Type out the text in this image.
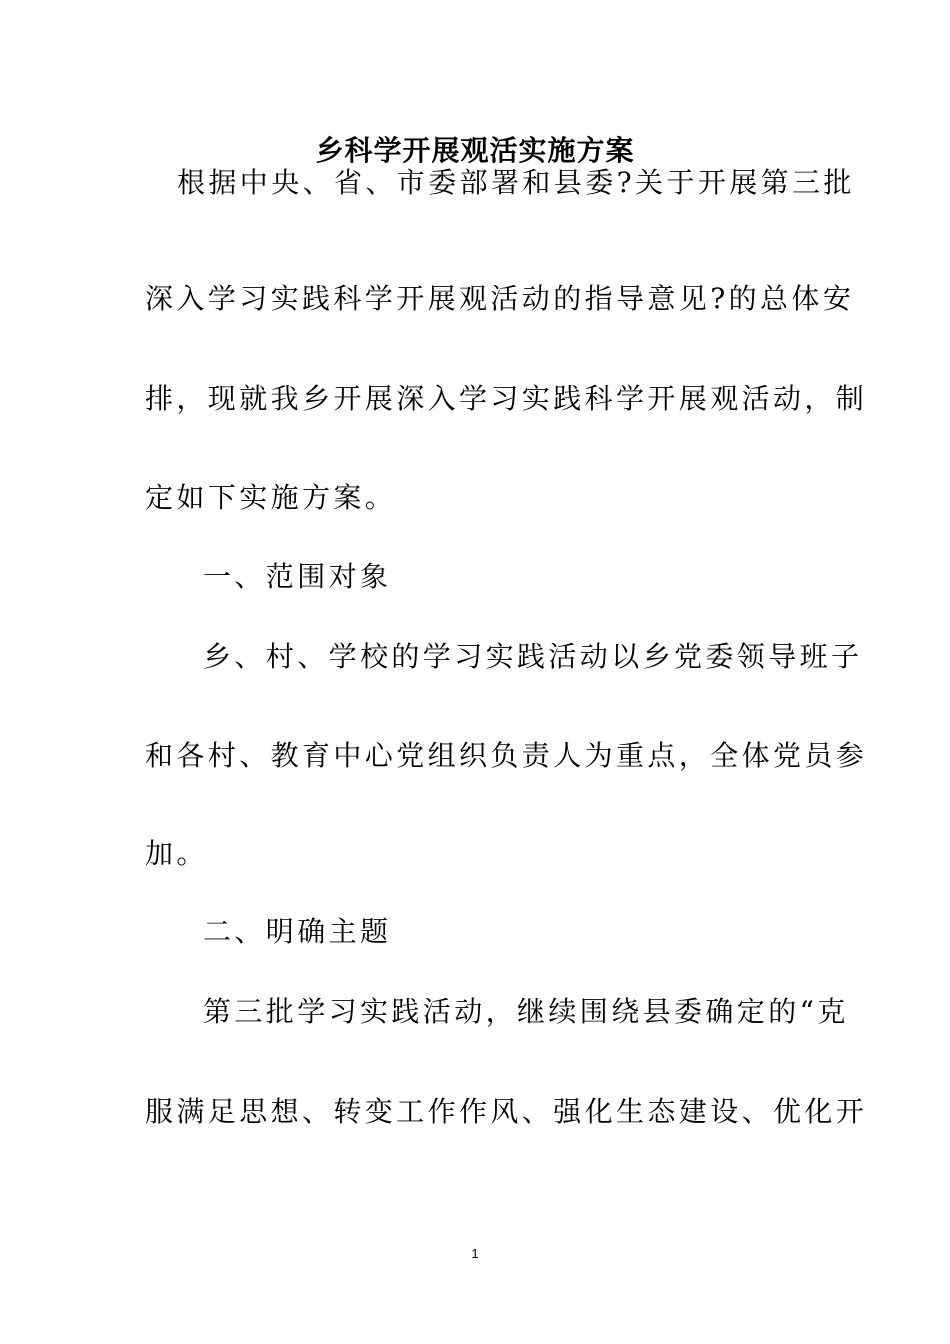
乡科学开展观活实施方案
根据中央、省、市委部署和县委?关于开展第三批
深入学习实践科学开展观活动的指导意见?的总体安
排，现就我乡开展深入学习实践科学开展观活动，制
定如下实施方案。
一、范围对象
乡、村、学校的学习实践活动以乡党委领导班子
和各村、教育中心党组织负责人为重点，全体党员参
加。
二、明确主题
第三批学习实践活动，继续围绕县委确定的“克
服满足思想、转变工作作风、强化生态建设、优化开
1
